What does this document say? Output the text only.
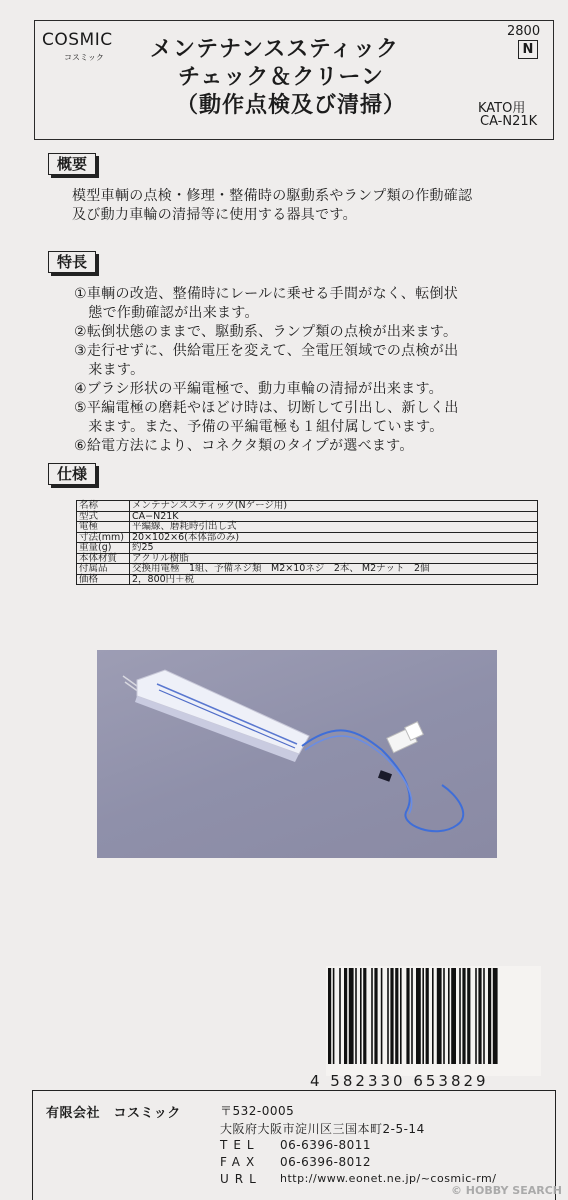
COSMIC
コスミック メンテナンススティック
チェック＆クリーン
（動作点検及び清掃）
2800
N
KATO用
CA-N21K
概要
模型車輌の点検・修理・整備時の駆動系やランプ類の作動確認
及び動力車輪の清掃等に使用する器具です。
特長
①車輌の改造、整備時にレールに乗せる手間がなく、転倒状
　態で作動確認が出来ます。
②転倒状態のままで、駆動系、ランプ類の点検が出来ます。
③走行せずに、供給電圧を変えて、全電圧領域での点検が出
　来ます。
④ブラシ形状の平編電極で、動力車輪の清掃が出来ます。
⑤平編電極の磨耗やほどけ時は、切断して引出し、新しく出
　来ます。また、予備の平編電極も１組付属しています。
⑥給電方法により、コネクタ類のタイプが選べます。
仕様
名称	メンテナンススティック(Nゲージ用)
型式	CA−N21K
電極	平編線、磨耗時引出し式
寸法(mm)	20×102×6(本体部のみ)
重量(g)	約25
本体材質	アクリル樹脂
付属品	交換用電極　1組、予備ネジ類　M2×10ネジ　2本、 M2ナット　2個
価格	2，800円＋税
4 582330 653829
有限会社　コスミック	〒532-0005
大阪府大阪市淀川区三国本町2-5-14
TEL 06-6396-8011
FAX 06-6396-8012
URL http://www.eonet.ne.jp/~cosmic-rm/
© HOBBY SEARCH
